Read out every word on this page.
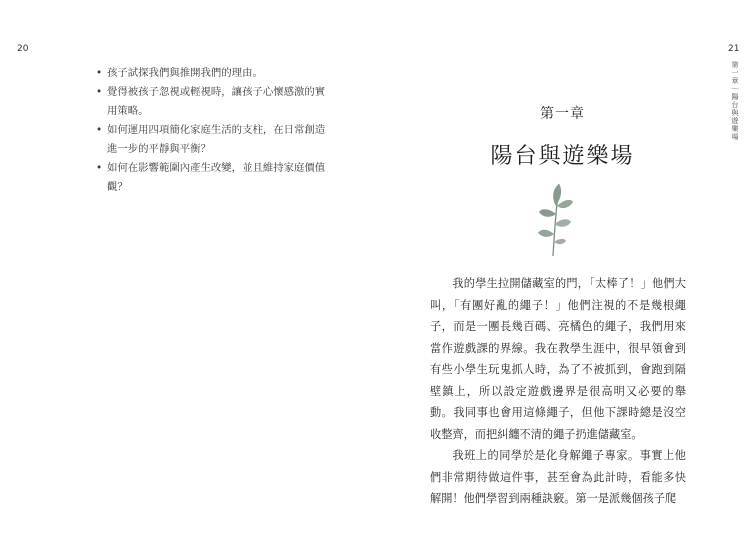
20
• 孩子試探我們與推開我們的理由。
• 覺得被孩子忽視或輕視時，讓孩子心懷感激的實用策略。
• 如何運用四項簡化家庭生活的支柱，在日常創造進一步的平靜與平衡？
• 如何在影響範圍內產生改變，並且維持家庭價值觀？
21
第一章｜陽台與遊樂場
第一章
陽台與遊樂場

我的學生拉開儲藏室的門，「太棒了！」他們大叫，「有團好亂的繩子！」他們注視的不是幾根繩子，而是一團長幾百碼、亮橘色的繩子，我們用來當作遊戲課的界線。我在教學生涯中，很早領會到有些小學生玩鬼抓人時，為了不被抓到，會跑到隔壁鎮上，所以設定遊戲邊界是很高明又必要的舉動。我同事也會用這條繩子，但他下課時總是沒空收整齊，而把糾纏不清的繩子扔進儲藏室。

我班上的同學於是化身解繩子專家。事實上他們非常期待做這件事，甚至會為此計時，看能多快解開！他們學習到兩種訣竅。第一是派幾個孩子爬
